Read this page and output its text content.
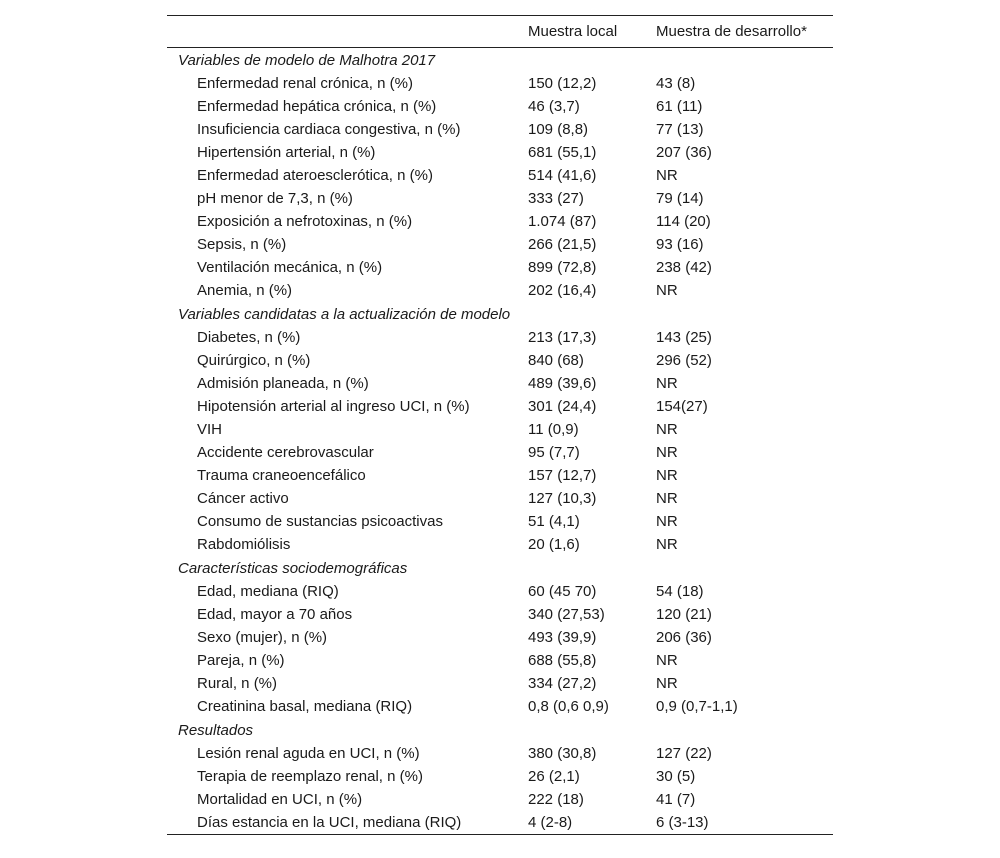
	Muestra local	Muestra de desarrollo*
Variables de modelo de Malhotra 2017		
Enfermedad renal crónica, n (%)	150 (12,2)	43 (8)
Enfermedad hepática crónica, n (%)	46 (3,7)	61 (11)
Insuficiencia cardiaca congestiva, n (%)	109 (8,8)	77 (13)
Hipertensión arterial, n (%)	681 (55,1)	207 (36)
Enfermedad ateroesclerótica, n (%)	514 (41,6)	NR
pH menor de 7,3, n (%)	333 (27)	79 (14)
Exposición a nefrotoxinas, n (%)	1.074 (87)	114 (20)
Sepsis, n (%)	266 (21,5)	93 (16)
Ventilación mecánica, n (%)	899 (72,8)	238 (42)
Anemia, n (%)	202 (16,4)	NR
Variables candidatas a la actualización de modelo		
Diabetes, n (%)	213 (17,3)	143 (25)
Quirúrgico, n (%)	840 (68)	296 (52)
Admisión planeada, n (%)	489 (39,6)	NR
Hipotensión arterial al ingreso UCI, n (%)	301 (24,4)	154(27)
VIH	11 (0,9)	NR
Accidente cerebrovascular	95 (7,7)	NR
Trauma craneoencefálico	157 (12,7)	NR
Cáncer activo	127 (10,3)	NR
Consumo de sustancias psicoactivas	51 (4,1)	NR
Rabdomiólisis	20 (1,6)	NR
Características sociodemográficas		
Edad, mediana (RIQ)	60 (45 70)	54 (18)
Edad, mayor a 70 años	340 (27,53)	120 (21)
Sexo (mujer), n (%)	493 (39,9)	206 (36)
Pareja, n (%)	688 (55,8)	NR
Rural, n (%)	334 (27,2)	NR
Creatinina basal, mediana (RIQ)	0,8 (0,6 0,9)	0,9 (0,7-1,1)
Resultados		
Lesión renal aguda en UCI, n (%)	380 (30,8)	127 (22)
Terapia de reemplazo renal, n (%)	26 (2,1)	30 (5)
Mortalidad en UCI, n (%)	222 (18)	41 (7)
Días estancia en la UCI, mediana (RIQ)	4 (2-8)	6 (3-13)
